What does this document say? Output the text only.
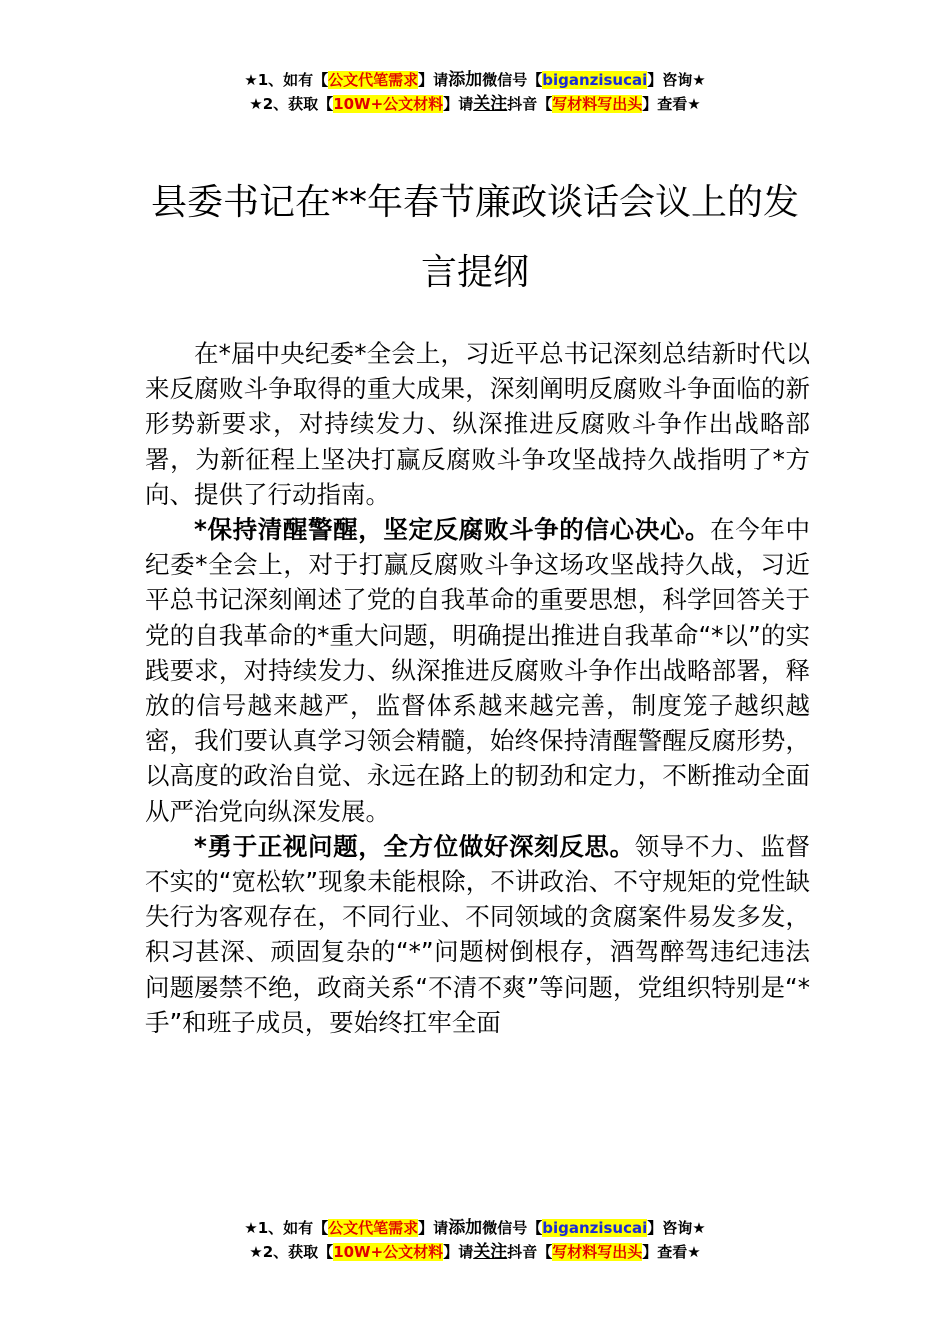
★1、如有【公文代笔需求】请添加微信号【biganzisucai】咨询★
★2、获取【10W+公文材料】请关注抖音【写材料写出头】查看★
县委书记在**年春节廉政谈话会议上的发言提纲

在*届中央纪委*全会上，习近平总书记深刻总结新时代以来反腐败斗争取得的重大成果，深刻阐明反腐败斗争面临的新形势新要求，对持续发力、纵深推进反腐败斗争作出战略部署，为新征程上坚决打赢反腐败斗争攻坚战持久战指明了*方向、提供了行动指南。

*保持清醒警醒，坚定反腐败斗争的信心决心。在今年中纪委*全会上，对于打赢反腐败斗争这场攻坚战持久战，习近平总书记深刻阐述了党的自我革命的重要思想，科学回答关于党的自我革命的*重大问题，明确提出推进自我革命“*以”的实践要求，对持续发力、纵深推进反腐败斗争作出战略部署，释放的信号越来越严，监督体系越来越完善，制度笼子越织越密，我们要认真学习领会精髓，始终保持清醒警醒反腐形势，以高度的政治自觉、永远在路上的韧劲和定力，不断推动全面从严治党向纵深发展。

*勇于正视问题，全方位做好深刻反思。领导不力、监督不实的“宽松软”现象未能根除，不讲政治、不守规矩的党性缺失行为客观存在，不同行业、不同领域的贪腐案件易发多发，积习甚深、顽固复杂的“*”问题树倒根存，酒驾醉驾违纪违法问题屡禁不绝，政商关系“不清不爽”等问题，党组织特别是“*手”和班子成员，要始终扛牢全面

★1、如有【公文代笔需求】请添加微信号【biganzisucai】咨询★
★2、获取【10W+公文材料】请关注抖音【写材料写出头】查看★
